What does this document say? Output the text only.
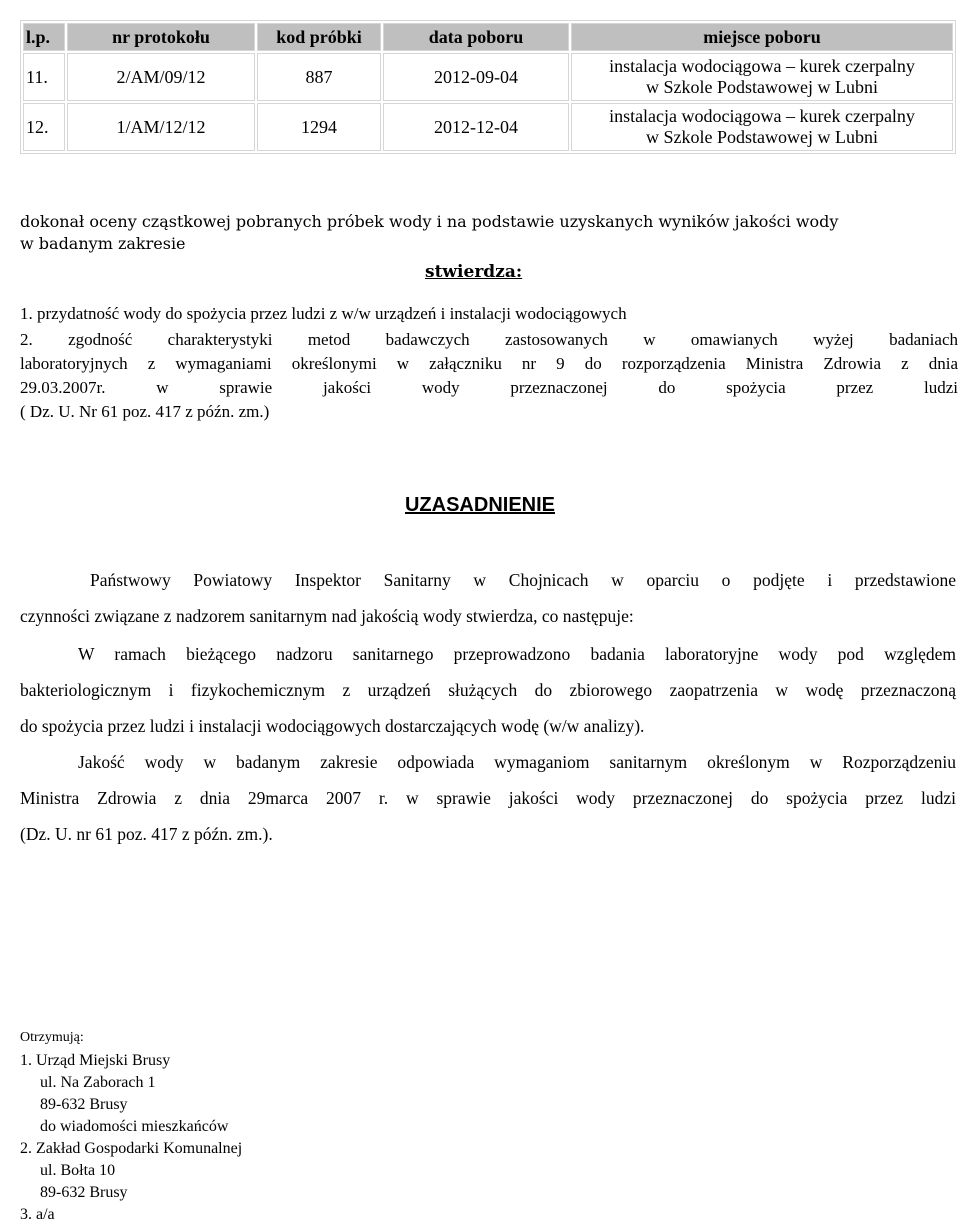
l.p.	nr protokołu	kod próbki	data poboru	miejsce poboru
11.	2/AM/09/12	887	2012-09-04	instalacja wodociągowa – kurek czerpalny
w Szkole Podstawowej w Lubni

12.	1/AM/12/12	1294	2012-12-04	instalacja wodociągowa – kurek czerpalny
w Szkole Podstawowej w Lubni
dokonał oceny cząstkowej pobranych próbek wody i na podstawie uzyskanych wyników jakości wody
w badanym zakresie
stwierdza:
1. przydatność wody do spożycia przez ludzi z w/w urządzeń i instalacji wodociągowych
2. zgodność charakterystyki metod badawczych zastosowanych w omawianych wyżej badaniach
laboratoryjnych z wymaganiami określonymi w załączniku nr 9 do rozporządzenia Ministra Zdrowia z dnia
29.03.2007r. w sprawie jakości wody przeznaczonej do spożycia przez ludzi
( Dz. U. Nr 61 poz. 417 z późn. zm.)
UZASADNIENIE
Państwowy Powiatowy Inspektor Sanitarny w Chojnicach w oparciu o podjęte i przedstawione
czynności związane z nadzorem sanitarnym nad jakością wody stwierdza, co następuje:
W ramach bieżącego nadzoru sanitarnego przeprowadzono badania laboratoryjne wody pod względem
bakteriologicznym i fizykochemicznym z urządzeń służących do zbiorowego zaopatrzenia w wodę przeznaczoną
do spożycia przez ludzi i instalacji wodociągowych dostarczających wodę (w/w analizy).
Jakość wody w badanym zakresie odpowiada wymaganiom sanitarnym określonym w Rozporządzeniu
Ministra Zdrowia z dnia 29marca 2007 r. w sprawie jakości wody przeznaczonej do spożycia przez ludzi
(Dz. U. nr 61 poz. 417 z późn. zm.).
Otrzymują:
1. Urząd Miejski Brusy
ul. Na Zaborach 1
89-632 Brusy
do wiadomości mieszkańców
2. Zakład Gospodarki Komunalnej
ul. Bołta 10
89-632 Brusy
3. a/a
